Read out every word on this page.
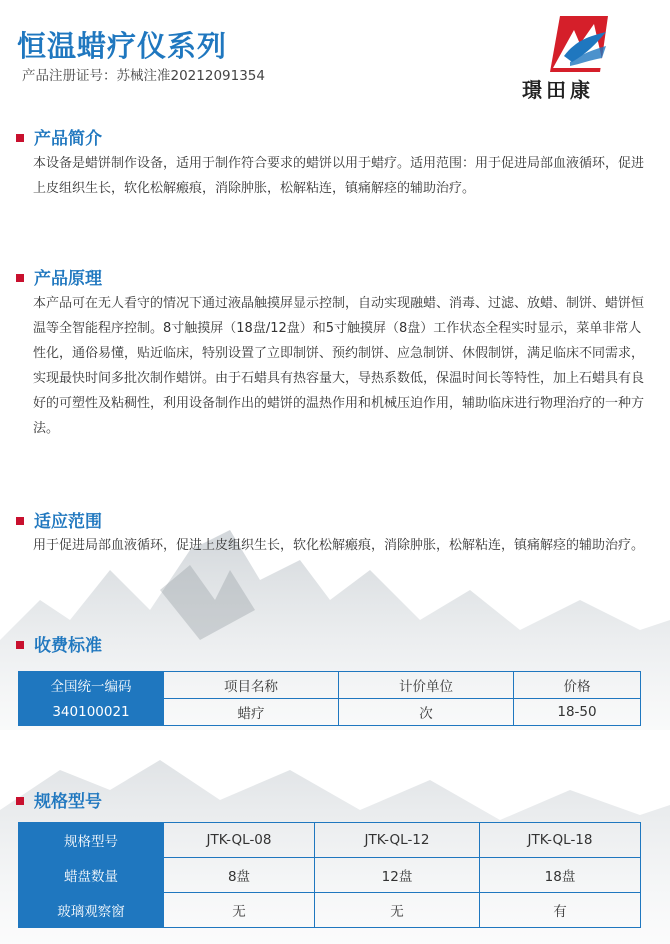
恒温蜡疗仪系列
产品注册证号：苏械注准20212091354
璟田康
产品简介
本设备是蜡饼制作设备，适用于制作符合要求的蜡饼以用于蜡疗。适用范围：用于促进局部血液循环，促进上皮组织生长，软化松解瘢痕，消除肿胀，松解粘连，镇痛解痉的辅助治疗。
产品原理
本产品可在无人看守的情况下通过液晶触摸屏显示控制，自动实现融蜡、消毒、过滤、放蜡、制饼、蜡饼恒温等全智能程序控制。8寸触摸屏（18盘/12盘）和5寸触摸屏（8盘）工作状态全程实时显示，菜单非常人性化，通俗易懂，贴近临床，特别设置了立即制饼、预约制饼、应急制饼、休假制饼，满足临床不同需求，实现最快时间多批次制作蜡饼。由于石蜡具有热容量大，导热系数低，保温时间长等特性，加上石蜡具有良好的可塑性及粘稠性，利用设备制作出的蜡饼的温热作用和机械压迫作用，辅助临床进行物理治疗的一种方法。
适应范围
用于促进局部血液循环，促进上皮组织生长，软化松解瘢痕，消除肿胀，松解粘连，镇痛解痉的辅助治疗。
收费标准
全国统一编码	项目名称	计价单位	价格
340100021	蜡疗	次	18-50
规格型号
规格型号	JTK-QL-08	JTK-QL-12	JTK-QL-18
蜡盘数量	8盘	12盘	18盘
玻璃观察窗	无	无	有
